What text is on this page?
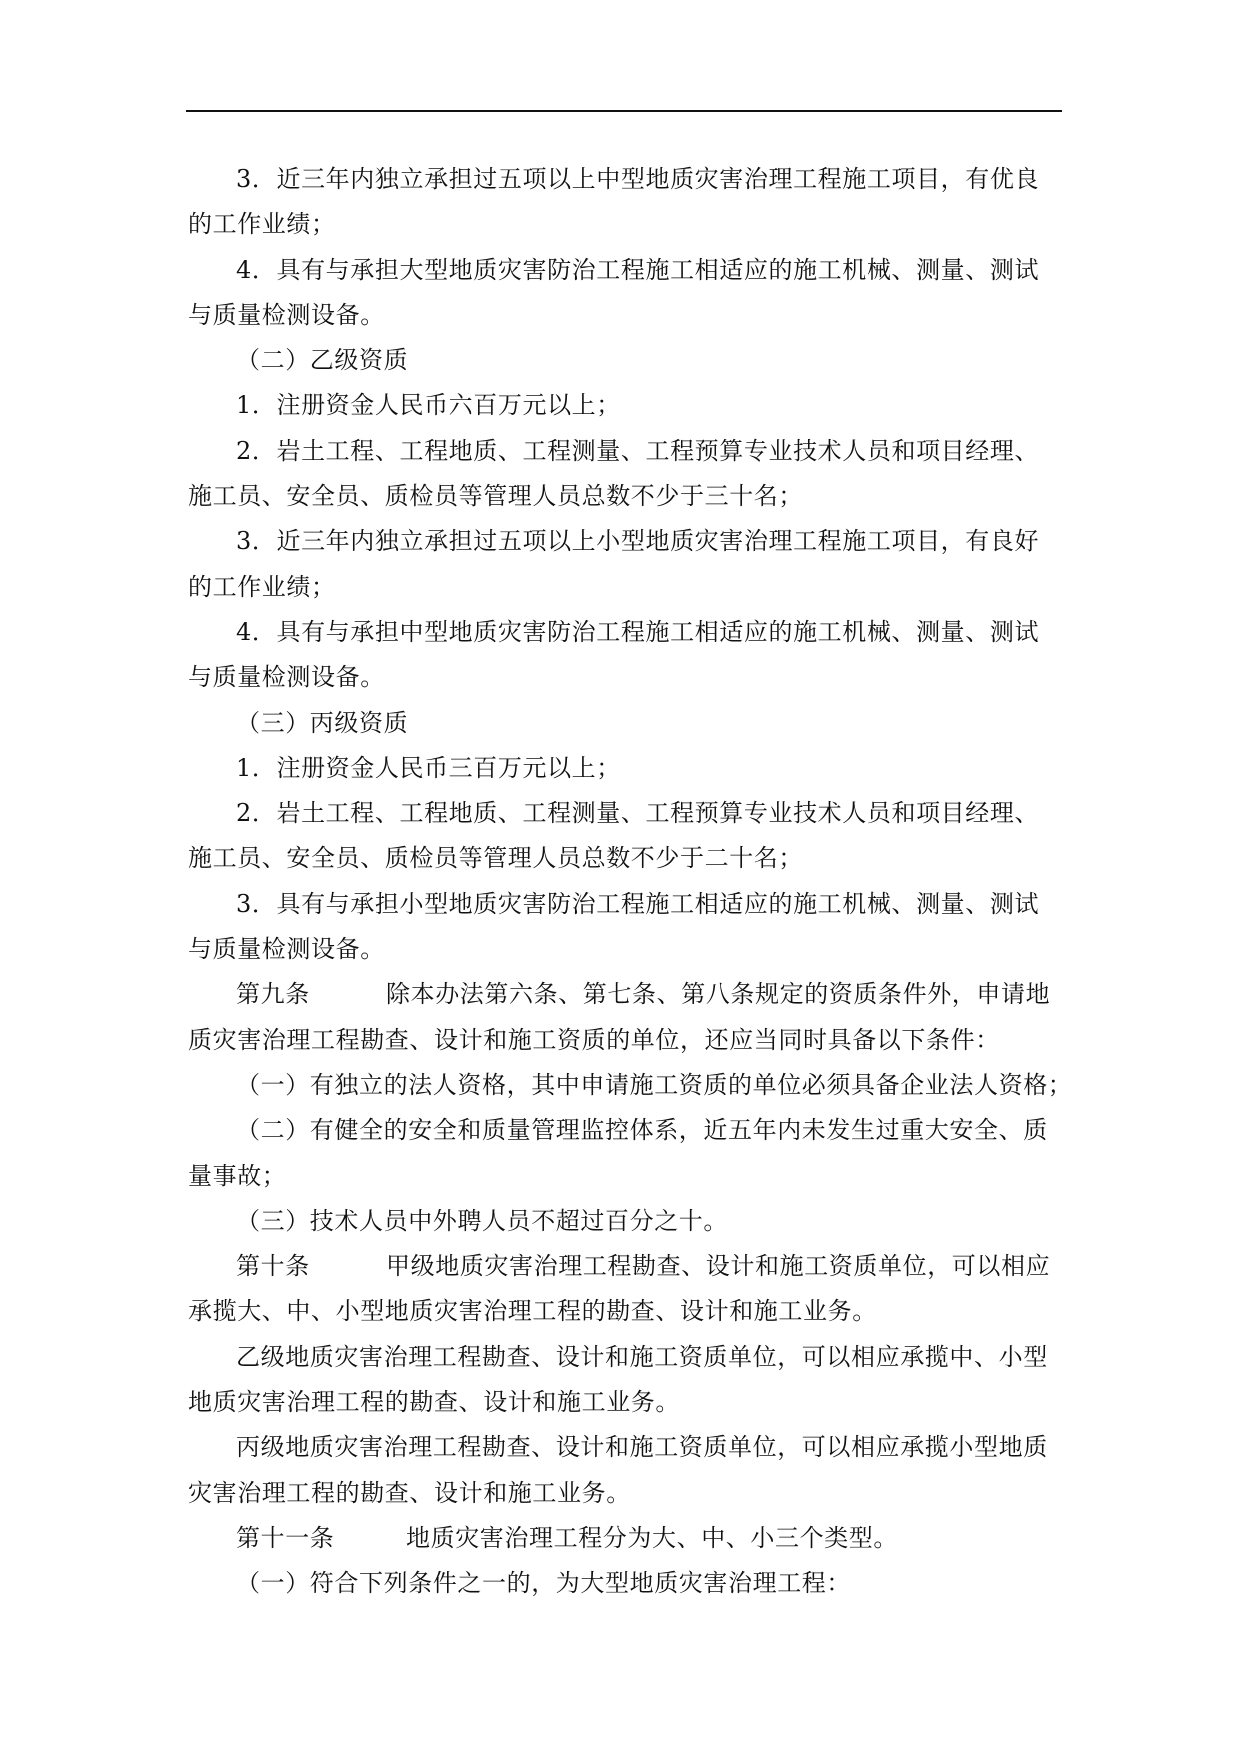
3．近三年内独立承担过五项以上中型地质灾害治理工程施工项目，有优良
的工作业绩；
4．具有与承担大型地质灾害防治工程施工相适应的施工机械、测量、测试
与质量检测设备。
（二）乙级资质
1．注册资金人民币六百万元以上；
2．岩土工程、工程地质、工程测量、工程预算专业技术人员和项目经理、
施工员、安全员、质检员等管理人员总数不少于三十名；
3．近三年内独立承担过五项以上小型地质灾害治理工程施工项目，有良好
的工作业绩；
4．具有与承担中型地质灾害防治工程施工相适应的施工机械、测量、测试
与质量检测设备。
（三）丙级资质
1．注册资金人民币三百万元以上；
2．岩土工程、工程地质、工程测量、工程预算专业技术人员和项目经理、
施工员、安全员、质检员等管理人员总数不少于二十名；
3．具有与承担小型地质灾害防治工程施工相适应的施工机械、测量、测试
与质量检测设备。
第九条	除本办法第六条、第七条、第八条规定的资质条件外，申请地
质灾害治理工程勘查、设计和施工资质的单位，还应当同时具备以下条件：
（一）有独立的法人资格，其中申请施工资质的单位必须具备企业法人资格；
（二）有健全的安全和质量管理监控体系，近五年内未发生过重大安全、质
量事故；
（三）技术人员中外聘人员不超过百分之十。
第十条	甲级地质灾害治理工程勘查、设计和施工资质单位，可以相应
承揽大、中、小型地质灾害治理工程的勘查、设计和施工业务。
乙级地质灾害治理工程勘查、设计和施工资质单位，可以相应承揽中、小型
地质灾害治理工程的勘查、设计和施工业务。
丙级地质灾害治理工程勘查、设计和施工资质单位，可以相应承揽小型地质
灾害治理工程的勘查、设计和施工业务。
第十一条	地质灾害治理工程分为大、中、小三个类型。
（一）符合下列条件之一的，为大型地质灾害治理工程：
